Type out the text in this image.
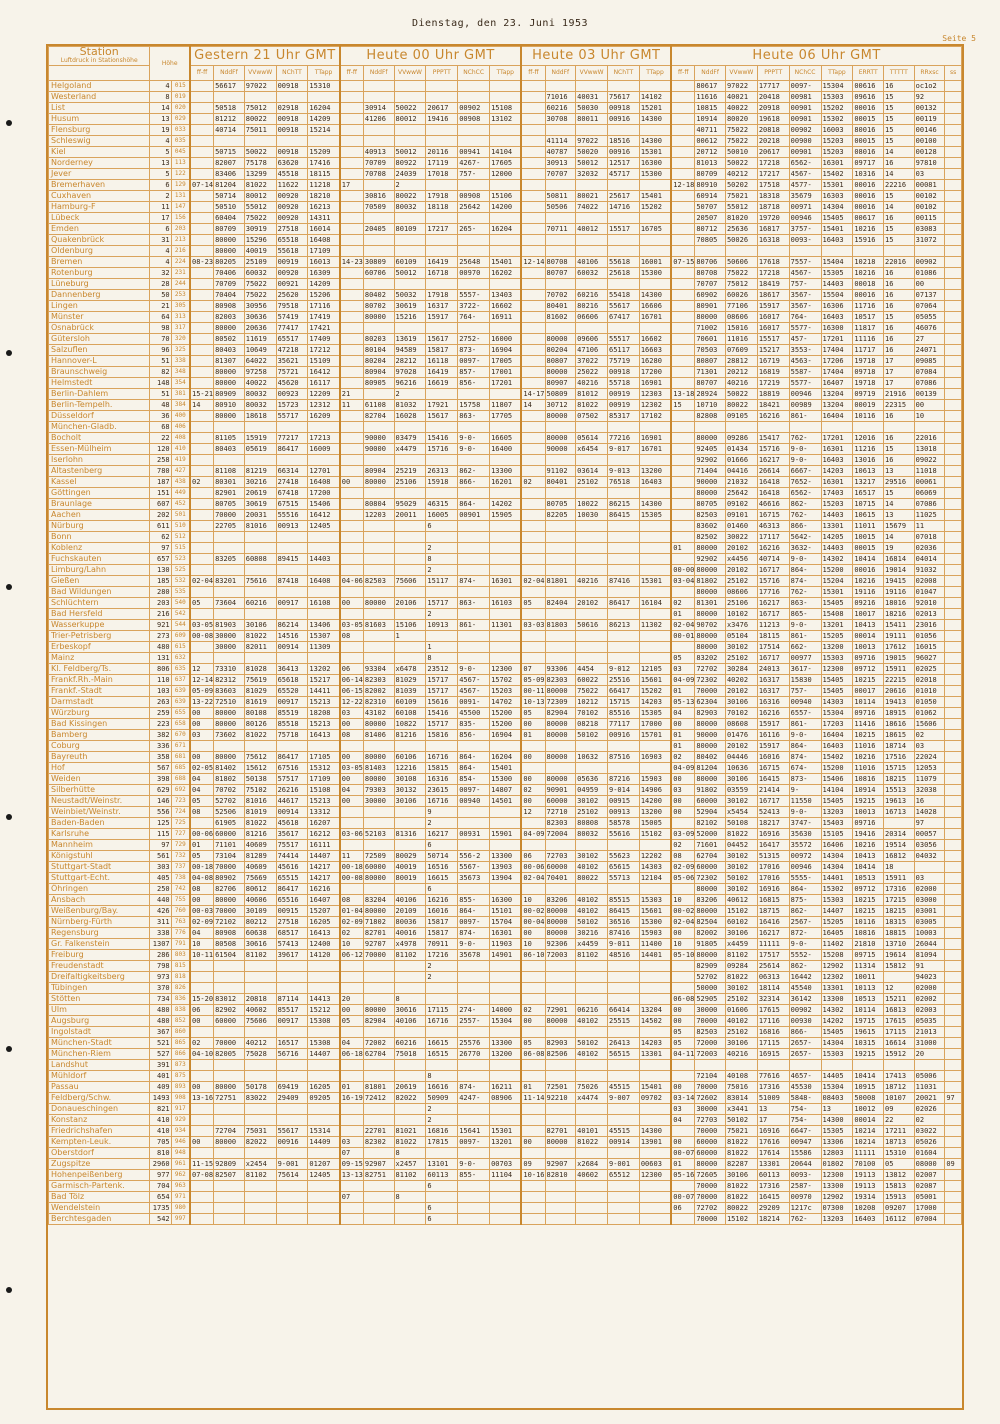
Dienstag, den 23. Juni 1953
Seite 5
Station
Luftdruck in Stationshöhe	Höhe		Gestern 21 Uhr GMT					Heute 00 Uhr GMT						Heute 03 Uhr GMT					Heute 06 Uhr GMT									
			ff-ff	NddFf	VVwwW	NChTT	TTapp	ff-ff	NddFf	VVwwW	PPPTT	NChCC	TTapp	ff-ff	NddFf	VVwwW	NChTT	TTapp	ff-ff	NddFf	VVwwW	PPPTT	NChCC	TTapp	ERRTT	TTTTT	RRxsc	ss

Helgoland	4	015		56617	97022	00918	15310													80617	97022	17717	0097-	15304	00616	16	oc1o2	
Westerland	8	019													71016	40031	75617	14102		11616	40021	20418	00981	15303	09616	15	92	
List	14	020		50518	75012	02918	16204		30914	50022	20617	00902	15108		60216	50030	00918	15201		10815	40022	20918	00901	15202	00016	15	00132	
Husum	13	029		81212	80022	00918	14209		41206	80012	19416	00908	13102		30708	80011	00916	14300		10914	80020	19618	00901	15302	00015	15	00119	
Flensburg	19	033		40714	75011	00918	15214													40711	75022	20818	00902	16003	80016	15	00146	
Schleswig	4	035													41114	97022	18516	14300		00612	75022	20218	00900	15203	00015	15	00100	
Kiel	5	045		50715	50022	00918	15209		40913	50012	20116	00941	14104		40787	50020	00916	15301		20712	50010	20617	00901	15203	08016	14	00128	
Norderney	13	113		82007	75178	63620	17416		70709	80922	17119	4267-	17605		30913	50012	12517	16300		81013	50022	17218	6562-	16301	09717	16	97810	
Jever	5	122		83406	13299	45518	18115		70708	24039	17018	757-	12000		70707	32032	45717	15300		80709	40212	17217	4567-	15402	10316	14	03	
Bremerhaven	6	129	07-14	81204	81022	11622	11218	17		2									12-18	80910	50202	17518	4577-	15301	00016	22216	00081	
Cuxhaven	2	131		50714	80012	00920	18210		30816	80022	17918	00908	15106		50811	80021	25617	15401		60914	75021	18318	35679	16303	00016	15	00102	
Hamburg-F	11	147		50510	55012	00920	16213		70509	80032	18118	25642	14200		50506	74022	14716	15202		50707	55012	18718	00971	14304	00016	14	00102	
Lübeck	17	156		60404	75022	00920	14311													20507	81020	19720	00946	15405	00617	16	00115	
Emden	6	203		80709	30919	27518	16014		20405	80109	17217	265-	16204		70711	40012	15517	16705		80712	25636	16817	3757-	15401	10216	15	03083	
Quakenbrück	31	213		80000	15296	65518	16408													70805	50026	16318	0093-	16403	15916	15	31072	
Oldenburg	4	216		80000	40019	55618	17109																					
Bremen	4	224	08-23	80205	25109	00919	16013	14-23	30809	60109	16419	25648	15401	12-14	80708	40106	55618	16001	07-15	80706	50606	17618	7557-	15404	10218	22016	00902	
Rotenburg	32	231		70406	60032	00920	16309		60706	50012	16718	00970	16202		80707	60032	25618	15300		80708	75022	17218	4567-	15305	10216	16	01086	
Lüneburg	28	244		70709	75022	00921	14209													70707	75012	18419	757-	14403	00018	16	00	
Dannenberg	50	253		70404	75022	25620	15206		80402	50032	17918	5557-	13403		70702	60216	55418	14300		60902	60026	18617	3567-	15504	00016	16	07137	
Lingen	21	305		80908	30956	79518	17116		80702	30619	16317	3722-	16602		80401	80216	55617	16606		80901	77106	15917	3567-	16306	11716	16	07064	
Münster	64	313		82003	30636	57419	17419		80000	15216	15917	764-	16911		81602	06606	67417	16701		80000	08606	16017	764-	16403	10517	15	05055	
Osnabrück	98	317		80000	20636	77417	17421													71002	15016	16017	5577-	16300	11817	16	46076	
Gütersloh	70	320		80502	11619	65517	17409		80203	13619	15617	2752-	16000		80000	09606	55517	16602		70601	11016	15517	457-	17201	11116	16	27	
Salzuflen	96	325		80403	10649	47218	17212		80104	94589	15817	873-	16904		80204	47106	65117	16603		70503	07609	15217	3553-	17404	11717	16	24071	
Hannover-L	51	338		81307	64022	35621	15109		80204	28212	16118	0097-	17005		80807	37022	75719	16280		80807	28812	16719	4563-	17206	19718	17	09085	
Braunschweig	82	348		80000	97258	75721	16412		80904	97028	16419	857-	17001		80000	25022	00918	17200		71301	20212	16819	5587-	17404	09718	17	07084	
Helmstedt	148	354		80000	40022	45620	16117		80905	96216	16619	856-	17201		80907	40216	55718	16901		80707	40216	17219	5577-	16407	19718	17	07086	
Berlin-Dahlem	51	381	15-21	80909	80032	00923	12209	21		2				14-17	50809	81012	00919	12303	13-18	28924	50022	18819	00946	13204	09719	21916	00139	
Berlin-Tempelh.	48	384	14	80910	80032	15723	12312	11	61108	81032	17921	15758	11807	14	30712	81022	00919	12302	15	10710	80022	18421	00989	13204	00019	22315	00	
Düsseldorf	36	400		80000	18618	55717	16209		82704	16028	15617	863-	17705		80000	07502	85317	17102		82808	09105	16216	861-	16404	10116	16	10	
München-Gladb.	68	406																										
Bocholt	22	408		81105	15919	77217	17213		90000	03479	15416	9-0-	16605		80000	05614	77216	16901		80000	09286	15417	762-	17201	12016	16	22016	
Essen-Mülheim	120	410		80403	05619	86417	16009		90000	x4479	15716	9-0-	16400		90000	x6454	9-017	16701		92405	01434	15716	9-0-	16301	11216	15	13018	
Iserlohn	258	419																		92902	01666	16217	9-0-	16403	13016	16	09022	
Altastenberg	780	427		81108	81219	66314	12701		80904	25219	26313	862-	13300		91102	03614	9-013	13200		71404	04416	26614	6667-	14203	10613	13	11018	
Kassel	187	438	02	80301	30216	27418	16408	00	80000	25106	15918	866-	16201	02	80401	25102	76518	16403		90000	21032	16418	7652-	16301	13217	29516	00061	
Göttingen	151	449		82901	20619	67418	17200													80000	25642	16418	6562-	17403	16517	15	06069	
Braunlage	607	452		80705	30619	67515	15406		80804	95029	46315	864-	14202		80705	10022	86215	14300		80705	09102	46616	862-	15203	10715	14	07086	
Aachen	202	501		70000	20031	55516	16412		12203	20011	16005	00901	15905		82205	10030	86415	15305		82503	09101	16715	762-	14403	10615	13	11025	
Nürburg	611	510		22705	81016	00913	12405				6									83602	01460	46313	866-	13301	11011	15679	11	
Bonn	62	512																		82502	30022	17117	5642-	14205	10015	14	07018	
Koblenz	97	515									2								01	80000	20102	16216	3632-	14403	00015	19	02036	
Fuchskauten	657	523		83205	60808	89415	14403				8									92902	x4456	40714	9-0-	14302	10414	16814	04014	
Limburg/Lahn	130	525									2								00-00	80000	20102	16717	864-	15200	00016	19014	91032	
Gießen	185	532	02-04	83201	75616	87418	16408	04-06	82503	75606	15117	874-	16301	02-04	81801	40216	87416	15301	03-04	81802	25102	15716	874-	15204	10216	19415	02008	
Bad Wildungen	280	535																		80000	08606	17716	762-	15301	19116	19116	01047	
Schlüchtern	203	540	05	73604	60216	00917	16108	00	80000	20106	15717	863-	16103	05	82404	20102	86417	16104	02	81301	25106	16217	863-	15405	09216	18016	92010	
Bad Hersfeld	216	542									2								01	80000	10102	16717	865-	15408	10017	18216	02013	
Wasserkuppe	921	544	03-05	81903	30106	86214	13406	03-05	81603	15106	10913	861-	11301	03-03	81803	50616	86213	11302	02-04	90702	x3476	11213	9-0-	13201	10413	15411	23016	
Trier-Petrisberg	273	609	00-08	30000	81022	14516	15307	08		1									00-01	80000	05104	18115	861-	15205	00014	19111	01056	
Erbeskopf	480	615		30000	82011	00914	11309				1									80000	30102	17514	662-	13200	10013	17612	16015	
Mainz	131	632									8								05	83202	25102	16717	00977	15303	09716	19015	96027	
Kl. Feldberg/Ts.	806	635	12	73310	81028	36413	13202	06	93304	x6478	23512	9-0-	12300	07	93306	4454	9-012	12105	03	72702	30284	24013	3617-	12300	09712	15911	02025	
Frankf.Rh.-Main	110	637	12-14	82312	75619	65618	15217	06-14	82303	81029	15717	4567-	15702	05-09	82303	60022	25516	15601	04-09	72302	40202	16317	15830	15405	10215	22215	02018	
Frankf.-Stadt	103	639	05-09	83603	81029	65520	14411	06-15	82002	81039	15717	4567-	15203	00-11	80000	75022	66417	15202	01	70000	20102	16317	757-	15405	00017	20616	01010	
Darmstadt	263	639	13-22	72510	81619	00917	15213	12-22	82310	60109	15616	0091-	14702	10-13	72309	10212	15715	14203	05-13	62304	30106	16316	00940	14303	10114	19413	01050	
Würzburg	259	655	00	80000	80108	85519	18208	03	43102	60108	15416	45500	15200	05	82904	70102	85516	15305	04	82903	70102	16216	6557-	15304	09716	18915	01062	
Bad Kissingen	223	658	00	80000	80126	85518	15213	00	80000	10822	15717	835-	15200	00	80000	08218	77117	17000	00	80000	08608	15917	861-	17203	11416	18616	15606	
Bamberg	382	670	03	73602	81022	75718	16413	08	81406	81216	15816	856-	16904	01	80000	50102	00916	15701	01	90000	01476	16116	9-0-	16404	10215	18615	02	
Coburg	336	671																	01	80000	20102	15917	864-	16403	11016	18714	03	
Bayreuth	358	681	00	80000	75612	86417	17105	00	80000	60106	16716	864-	16204	00	80000	10632	87516	16903	02	80402	04446	16016	874-	15402	10216	17516	22024	
Hof	567	685	02-05	81402	15612	67516	15312	03-05	81403	12216	15815	864-	15401						04-09	81204	10636	16715	674-	15200	11016	15715	12053	
Weiden	398	688	04	81802	50138	57517	17109	00	80000	30108	16316	854-	15300	00	80000	05636	87216	15903	00	80000	30106	16415	873-	15406	10816	18215	11079	
Silberhütte	629	692	04	70702	75102	26216	15108	04	79303	30132	23615	0097-	14807	02	90901	04959	9-014	14906	03	91802	03559	21414	9-	14104	10914	15513	32038	
Neustadt/Weinstr.	146	723	05	52702	81016	44617	15213	00	30000	30106	16716	00940	14501	00	60000	30102	00915	14200	00	60000	30102	16717	11550	15405	19215	19613	16	
Weinbiet/Weinstr.	556	724	08	52506	81019	00914	13312				9			12	72710	25102	00913	13200	00	52904	x5454	52413	9-0-	13203	10013	16713	14028	
Baden-Baden	125	725		61905	81022	45618	16207				2				82303	80808	58578	15005		82102	50108	18217	3747-	15403	09716		97	
Karlsruhe	115	727	00-06	60000	81216	35617	16212	03-06	52103	81316	16217	00931	15901	04-09	72004	80032	55616	15102	03-09	52000	81022	16916	35630	15105	19416	20314	00057	
Mannheim	97	729	01	71101	40609	75517	16111				6								02	71601	04452	16417	35572	16406	10216	19514	03056	
Königstuhl	561	732	05	73104	81289	74414	14407	11	72509	80029	50714	556-2	13300	06	72703	30102	55623	12202	08	62704	30102	51315	00972	14304	10413	16812	04032	
Stuttgart-Stadt	303	737	00-18	70000	40609	45616	14217	00-18	60000	40019	16516	5567-	13903	00-06	60000	40102	65615	14303	02-09	60000	30102	17016	00946	14304	10414	18		
Stuttgart-Echt.	405	738	04-08	80902	75669	65515	14217	00-08	80000	80019	16615	35673	13904	02-04	70401	80022	55713	12104	05-06	72302	50102	17016	5555-	14401	10513	15911	03	
Öhringen	250	742	08	82706	80612	86417	16216				6									80000	30102	16916	864-	15302	09712	17316	02000	
Ansbach	440	755	00	80000	40606	65516	16407	08	83204	40106	16216	855-	16300	10	83206	40102	85515	15303	10	83206	40612	16815	875-	15303	10215	17215	03000	
Weißenburg/Bay.	426	760	00-03	70000	30109	00915	15207	01-04	80000	20109	16016	864-	15101	00-02	80000	40102	86415	15601	00-02	80000	15102	18715	862-	14407	10215	18215	03001	
Nürnberg-Fürth	311	763	02-09	72102	80212	27518	16205	02-09	71802	80036	15817	0097-	15704	00-04	80000	50102	36516	15300	02-04	82504	60102	16416	2567-	15205	10116	18315	03005	
Regensburg	338	776	04	80908	60638	68517	16413	02	82701	40016	15817	874-	16301	00	80000	30216	87416	15903	00	82002	30106	16217	872-	16405	10816	18815	10003	
Gr. Falkenstein	1307	791	10	80508	30616	57413	12400	10	92707	x4978	70911	9-0-	11903	10	92306	x4459	9-011	11400	10	91805	x4459	11111	9-0-	11402	21810	13710	26044	
Freiburg	286	803	10-11	61504	81102	39617	14120	06-12	70000	81102	17216	35678	14901	06-10	72003	81102	48516	14401	05-10	80000	81102	17517	5552-	15208	09715	19614	81094	
Freudenstadt	798	815									2									82909	09284	25614	862-	12902	11314	15812	91	
Dreifaltigkeitsberg	973	818									2									52702	81022	06313	16442	12302	10011		94023	
Tübingen	370	826																		50000	30102	18114	45540	13301	10113	12	02000	
Stötten	734	836	15-20	83012	20818	87114	14413	20		8									06-08	52905	25102	32314	36142	13300	10513	15211	02002	
Ulm	480	838	06	82902	40602	85517	15212	00	80000	30616	17115	274-	14000	02	72901	06216	66414	13204	00	30000	01606	17615	00902	14302	10114	16813	02003	
Augsburg	480	852	00	60000	75606	00917	15308	05	82904	40106	16716	2557-	15304	00	80000	40102	25515	14502	00	70000	40102	17116	00930	14202	19715	17615	05035	
Ingolstadt	367	860																	05	82503	25102	16816	866-	15405	19615	17115	21013	
München-Stadt	521	865	02	70000	40212	16517	15308	04	72002	60216	16615	25576	13300	05	82903	50102	26413	14203	05	72000	30106	17115	2657-	14304	10315	16614	31000	
München-Riem	527	866	04-10	82005	75028	56716	14407	06-18	62704	75018	16515	26770	13200	06-08	82506	40102	56515	13301	04-11	72003	40216	16915	2657-	15303	19215	15912	20	
Landshut	391	873																										
Mühldorf	401	875									8									72104	40108	77616	4657-	14405	10414	17413	05006	
Passau	409	893	00	80000	50178	69419	16205	01	81801	20619	16616	874-	16211	01	72501	75026	45515	15401	00	70000	75016	17316	45530	15304	10915	18712	11031	
Feldberg/Schw.	1493	908	13-16	72751	83022	29409	09205	16-19	72412	82022	50909	4247-	08906	11-14	92210	x4474	9-007	09702	03-14	72602	83014	51009	5848-	08403	50008	10107	20021	97
Donaueschingen	821	917									2								03	30000	x3441	13	754-	13	10012	09	02026	
Konstanz	410	929									2								04	72703	50102	17	754-	14300	00014	22	02	
Friedrichshafen	410	934		72704	75031	55617	15314		22701	81021	16816	15641	15301		82701	40101	45515	14300		70000	75021	16916	6647-	15305	10214	17211	03022	
Kempten-Leuk.	705	946	00	80000	82022	00916	14409	03	82302	81022	17815	0097-	13201	00	80000	81022	00914	13901	00	60000	81022	17616	00947	13306	10214	18713	05026	
Oberstdorf	810	948						07		8									00-07	60000	81022	17614	15586	12803	11111	15310	01604	
Zugspitze	2960	961	11-15	92809	x2454	9-001	01207	09-15	92907	x2457	13101	9-0-	00703	09	92907	x2684	9-001	00603	01	80000	82287	13301	20644	01802	70100	05	08000	09
Hohenpeißenberg	977	962	07-08	82507	81102	75614	12405	13-13	82751	81102	60113	855-	11104	10-16	82810	40602	65512	12300	05-16	72605	30106	60113	0093-	12300	19113	13812	02007	
Garmisch-Partenk.	704	963									6									70000	81022	17316	2587-	13300	19113	15813	02087	
Bad Tölz	654	971						07		8									00-07	70000	81022	16415	00970	12902	19314	15913	05001	
Wendelstein	1735	980									6								06	72702	80022	29209	1217c	07300	10208	09207	17000	
Berchtesgaden	542	997									6									70000	15102	18214	762-	13203	16403	16112	07004	
